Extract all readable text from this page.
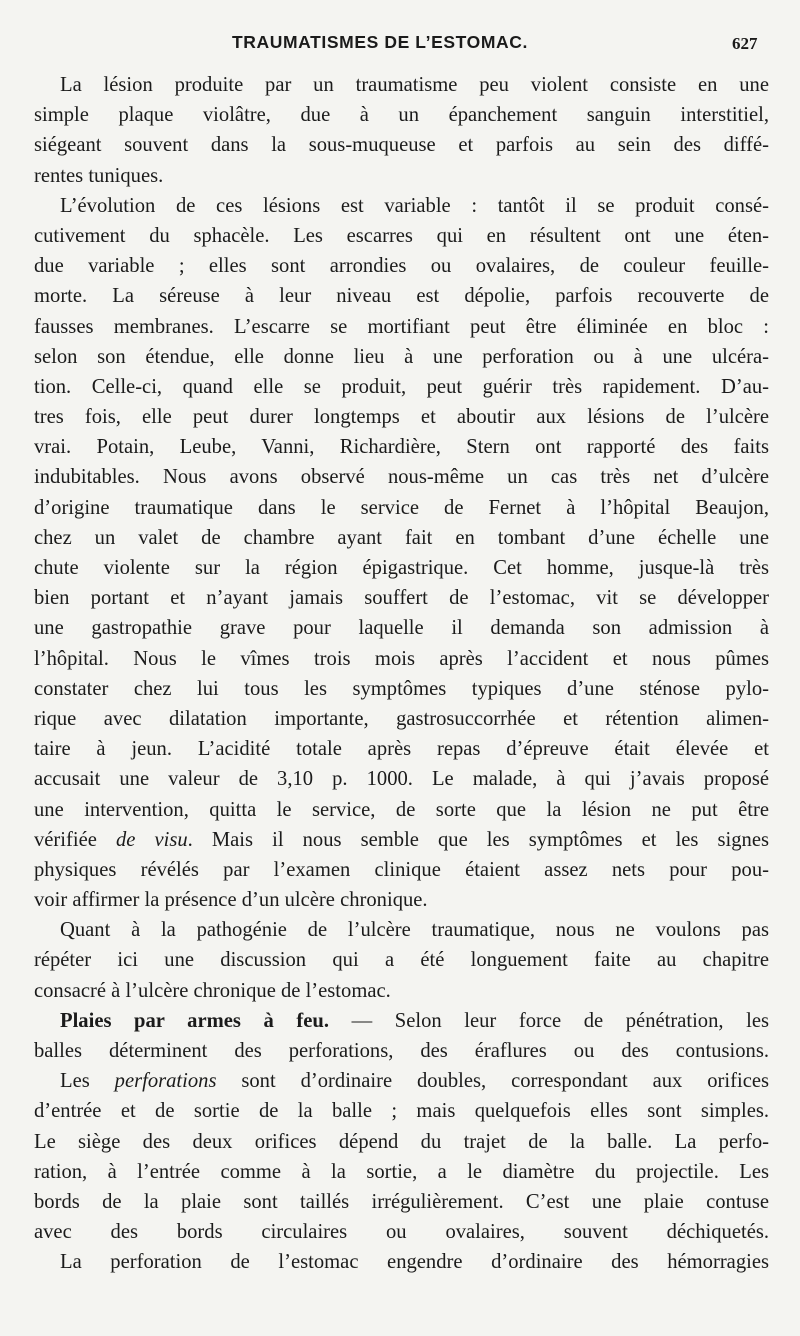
TRAUMATISMES DE L’ESTOMAC.	627
La lésion produite par un traumatisme peu violent consiste en une
simple plaque violâtre, due à un épanchement sanguin interstitiel,
siégeant souvent dans la sous-muqueuse et parfois au sein des diffé-
rentes tuniques.
L’évolution de ces lésions est variable : tantôt il se produit consé-
cutivement du sphacèle. Les escarres qui en résultent ont une éten-
due variable ; elles sont arrondies ou ovalaires, de couleur feuille-
morte. La séreuse à leur niveau est dépolie, parfois recouverte de
fausses membranes. L’escarre se mortifiant peut être éliminée en bloc :
selon son étendue, elle donne lieu à une perforation ou à une ulcéra-
tion. Celle-ci, quand elle se produit, peut guérir très rapidement. D’au-
tres fois, elle peut durer longtemps et aboutir aux lésions de l’ulcère
vrai. Potain, Leube, Vanni, Richardière, Stern ont rapporté des faits
indubitables. Nous avons observé nous-même un cas très net d’ulcère
d’origine traumatique dans le service de Fernet à l’hôpital Beaujon,
chez un valet de chambre ayant fait en tombant d’une échelle une
chute violente sur la région épigastrique. Cet homme, jusque-là très
bien portant et n’ayant jamais souffert de l’estomac, vit se développer
une gastropathie grave pour laquelle il demanda son admission à
l’hôpital. Nous le vîmes trois mois après l’accident et nous pûmes
constater chez lui tous les symptômes typiques d’une sténose pylo-
rique avec dilatation importante, gastrosuccorrhée et rétention alimen-
taire à jeun. L’acidité totale après repas d’épreuve était élevée et
accusait une valeur de 3,10 p. 1000. Le malade, à qui j’avais proposé
une intervention, quitta le service, de sorte que la lésion ne put être
vérifiée de visu. Mais il nous semble que les symptômes et les signes
physiques révélés par l’examen clinique étaient assez nets pour pou-
voir affirmer la présence d’un ulcère chronique.
Quant à la pathogénie de l’ulcère traumatique, nous ne voulons pas
répéter ici une discussion qui a été longuement faite au chapitre
consacré à l’ulcère chronique de l’estomac.
Plaies par armes à feu. — Selon leur force de pénétration, les
balles déterminent des perforations, des éraflures ou des contusions.
Les perforations sont d’ordinaire doubles, correspondant aux orifices
d’entrée et de sortie de la balle ; mais quelquefois elles sont simples.
Le siège des deux orifices dépend du trajet de la balle. La perfo-
ration, à l’entrée comme à la sortie, a le diamètre du projectile. Les
bords de la plaie sont taillés irrégulièrement. C’est une plaie contuse
avec des bords circulaires ou ovalaires, souvent déchiquetés.
La perforation de l’estomac engendre d’ordinaire des hémorragies
